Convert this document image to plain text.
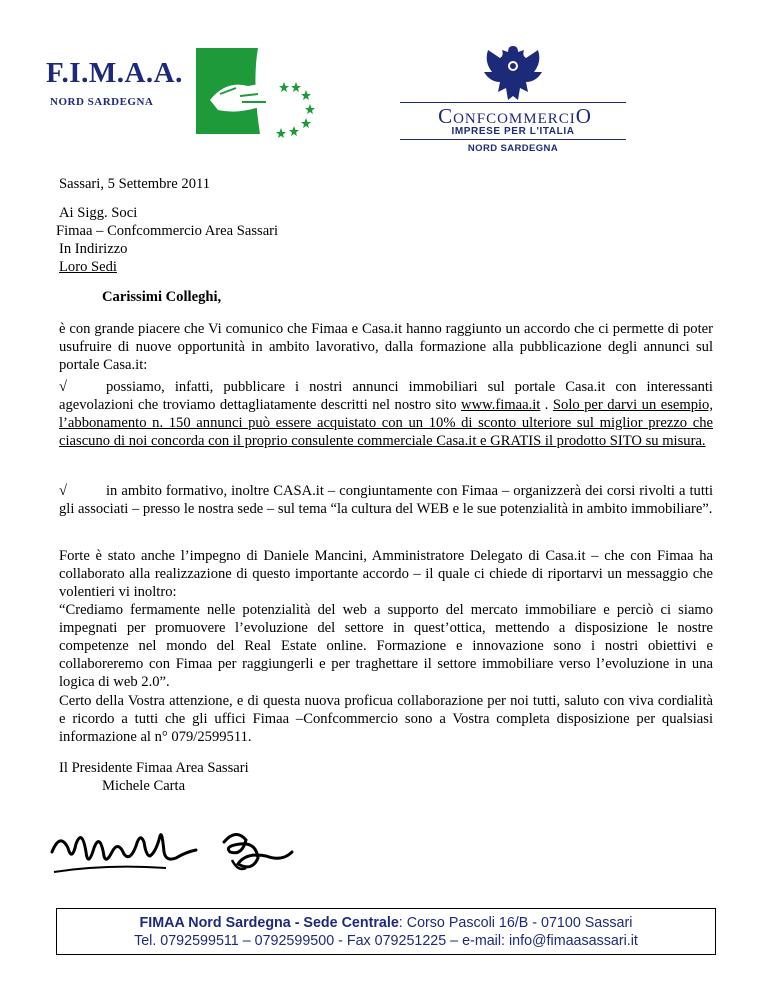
F.I.M.A.A.
NORD SARDEGNA
ConfcommerciO
IMPRESE PER L'ITALIA
NORD SARDEGNA
Sassari, 5 Settembre 2011
Ai Sigg. Soci
Fimaa – Confcommercio Area Sassari
In Indirizzo
Loro Sedi
Carissimi Colleghi,
è con grande piacere che Vi comunico che Fimaa e Casa.it hanno raggiunto un accordo che ci permette di poter usufruire di nuove opportunità in ambito lavorativo, dalla formazione alla pubblicazione degli annunci sul portale Casa.it:
√	possiamo, infatti, pubblicare i nostri annunci immobiliari sul portale Casa.it con interessanti agevolazioni che troviamo dettagliatamente descritti nel nostro sito www.fimaa.it . Solo per darvi un esempio, l’abbonamento n. 150 annunci può essere acquistato con un 10% di sconto ulteriore sul miglior prezzo che ciascuno di noi concorda con il proprio consulente commerciale Casa.it e GRATIS il prodotto SITO su misura.
√	in ambito formativo, inoltre CASA.it – congiuntamente con Fimaa – organizzerà dei corsi rivolti a tutti gli associati – presso le nostra sede – sul tema “la cultura del WEB e le sue potenzialità in ambito immobiliare”.
Forte è stato anche l’impegno di Daniele Mancini, Amministratore Delegato di Casa.it – che con Fimaa ha collaborato alla realizzazione di questo importante accordo – il quale ci chiede di riportarvi un messaggio che volentieri vi inoltro:
“Crediamo fermamente nelle potenzialità del web a supporto del mercato immobiliare e perciò ci siamo impegnati per promuovere l’evoluzione del settore in quest’ottica, mettendo a disposizione le nostre competenze nel mondo del Real Estate online. Formazione e innovazione sono i nostri obiettivi e collaboreremo con Fimaa per raggiungerli e per traghettare il settore immobiliare verso l’evoluzione in una logica di web 2.0”.
Certo della Vostra attenzione, e di questa nuova proficua collaborazione per noi tutti, saluto con viva cordialità e ricordo a tutti che gli uffici Fimaa –Confcommercio sono a Vostra completa disposizione per qualsiasi informazione al n° 079/2599511.
Il Presidente Fimaa Area Sassari
Michele Carta
FIMAA Nord Sardegna - Sede Centrale: Corso Pascoli 16/B - 07100 Sassari
Tel. 0792599511 – 0792599500 - Fax 079251225 – e-mail: info@fimaasassari.it
